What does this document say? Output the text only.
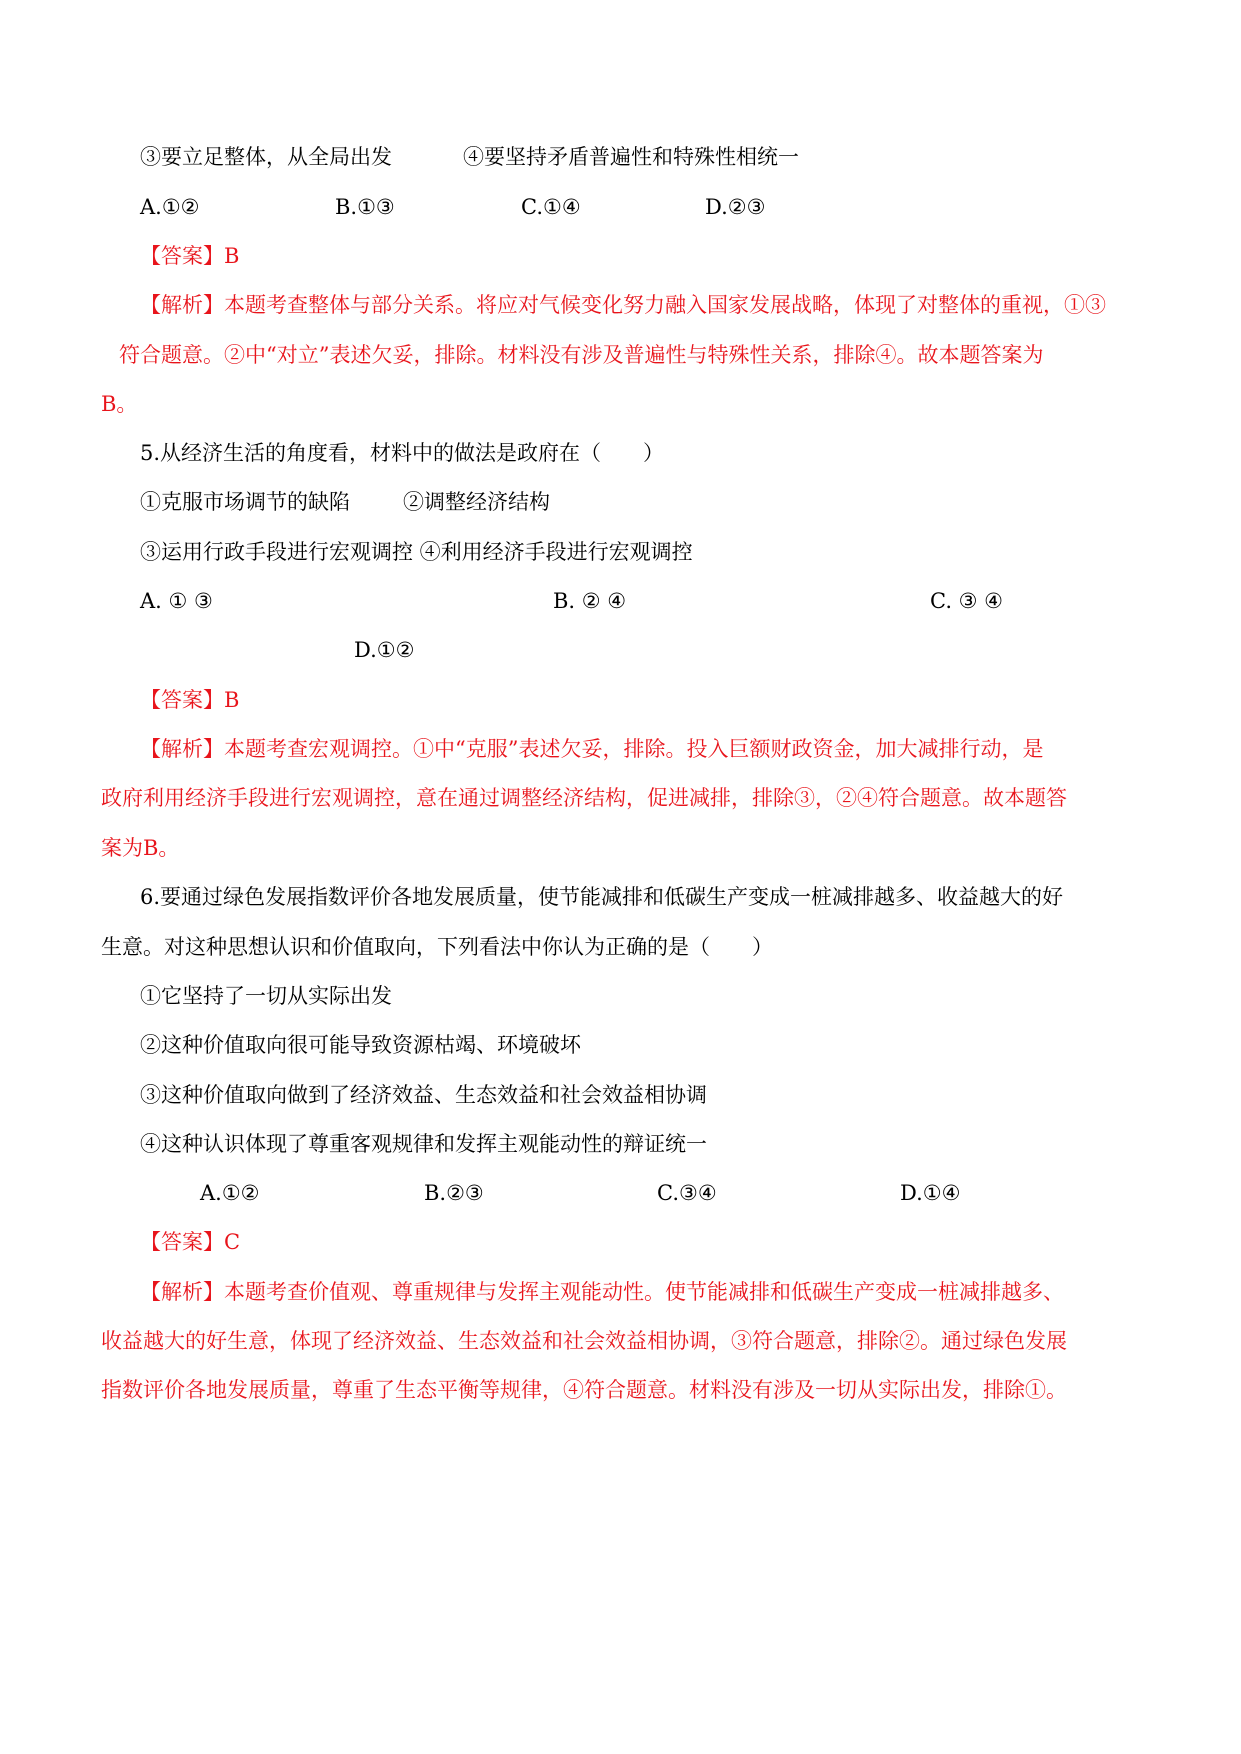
③要立足整体，从全局出发	④要坚持矛盾普遍性和特殊性相统一
A.①②	B.①③	C.①④	D.②③
【答案】B
【解析】本题考查整体与部分关系。将应对气候变化努力融入国家发展战略，体现了对整体的重视，①③
符合题意。②中“对立”表述欠妥，排除。材料没有涉及普遍性与特殊性关系，排除④。故本题答案为
B。
5.从经济生活的角度看，材料中的做法是政府在（　　）
①克服市场调节的缺陷	②调整经济结构
③运用行政手段进行宏观调控 ④利用经济手段进行宏观调控
A. ① ③	B. ② ④	C. ③ ④
D.①②
【答案】B
【解析】本题考查宏观调控。①中“克服”表述欠妥，排除。投入巨额财政资金，加大减排行动，是
政府利用经济手段进行宏观调控，意在通过调整经济结构，促进减排，排除③，②④符合题意。故本题答
案为B。
6.要通过绿色发展指数评价各地发展质量，使节能减排和低碳生产变成一桩减排越多、收益越大的好
生意。对这种思想认识和价值取向，下列看法中你认为正确的是（　　）
①它坚持了一切从实际出发
②这种价值取向很可能导致资源枯竭、环境破坏
③这种价值取向做到了经济效益、生态效益和社会效益相协调
④这种认识体现了尊重客观规律和发挥主观能动性的辩证统一
A.①②	B.②③	C.③④	D.①④
【答案】C
【解析】本题考查价值观、尊重规律与发挥主观能动性。使节能减排和低碳生产变成一桩减排越多、
收益越大的好生意，体现了经济效益、生态效益和社会效益相协调，③符合题意，排除②。通过绿色发展
指数评价各地发展质量，尊重了生态平衡等规律，④符合题意。材料没有涉及一切从实际出发，排除①。
